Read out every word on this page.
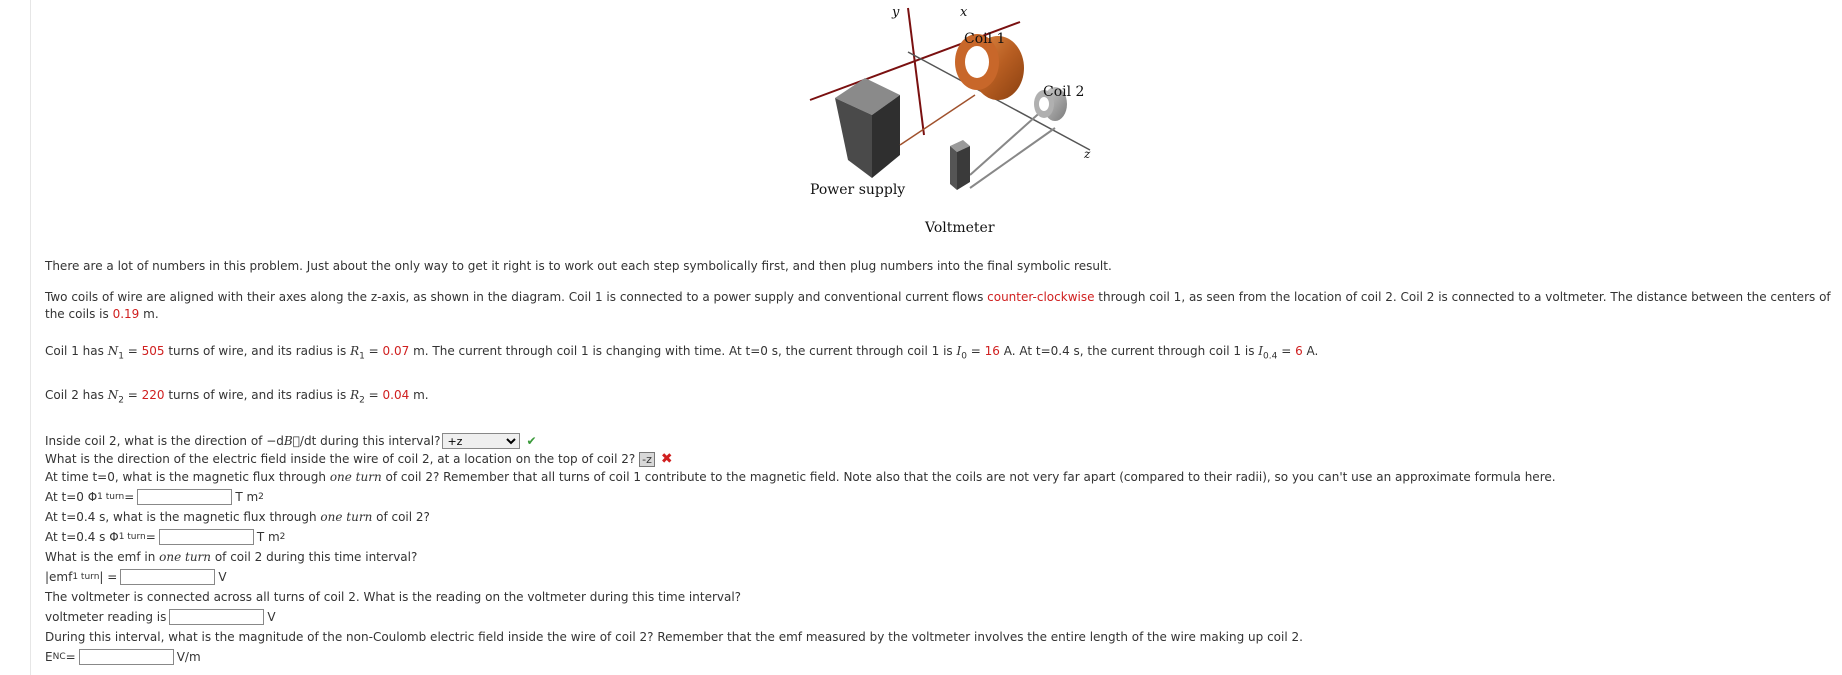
y	x
z
Coil 1
Coil 2
Power supply
Voltmeter

There are a lot of numbers in this problem. Just about the only way to get it right is to work out each step symbolically first, and then plug numbers into the final symbolic result.

Two coils of wire are aligned with their axes along the z-axis, as shown in the diagram. Coil 1 is connected to a power supply and conventional current flows counter-clockwise through coil 1, as seen from the location of coil 2. Coil 2 is connected to a voltmeter. The distance between the centers of the coils is 0.19 m.

Coil 1 has $N_1 = 505$ turns of wire, and its radius is $R_1 = 0.07$ m. The current through coil 1 is changing with time. At t=0 s, the current through coil 1 is $I_0 = 16$ A. At t=0.4 s, the current through coil 1 is $I_{0.4} = 6$ A.

Coil 2 has $N_2 = 220$ turns of wire, and its radius is $R_2 = 0.04$ m.

Inside coil 2, what is the direction of −dB⃗/dt during this interval?
+z	✔
What is the direction of the electric field inside the wire of coil 2, at a location on the top of coil 2? -z ✖
At time t=0, what is the magnetic flux through one turn of coil 2? Remember that all turns of coil 1 contribute to the magnetic field. Note also that the coils are not very far apart (compared to their radii), so you can't use an approximate formula here.
At t=0 Φ 1 turn =	T m 2
At t=0.4 s, what is the magnetic flux through one turn of coil 2?
At t=0.4 s Φ 1 turn =	T m 2
What is the emf in one turn of coil 2 during this time interval?
|emf 1 turn | =	V
The voltmeter is connected across all turns of coil 2. What is the reading on the voltmeter during this time interval?
voltmeter reading is	V
During this interval, what is the magnitude of the non-Coulomb electric field inside the wire of coil 2? Remember that the emf measured by the voltmeter involves the entire length of the wire making up coil 2.
E NC =	V/m
